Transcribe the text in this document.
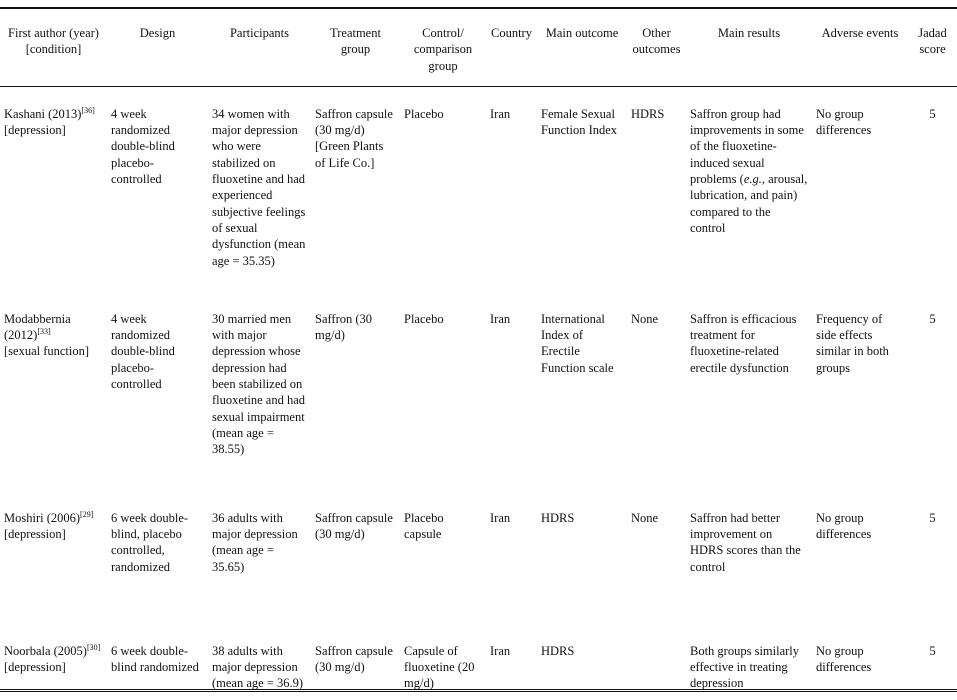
First author (year) [condition]	Design	Participants	Treatment group	Control/ comparison group	Country	Main outcome	Other outcomes	Main results	Adverse events	Jadad score
Kashani (2013)[36]
[depression]	4 week randomized double-blind placebo-controlled	34 women with major depression who were stabilized on fluoxetine and had experienced subjective feelings of sexual dysfunction (mean age = 35.35)	Saffron capsule (30 mg/d) [Green Plants of Life Co.]	Placebo	Iran	Female Sexual Function Index	HDRS	Saffron group had improvements in some of the fluoxetine-induced sexual problems (e.g., arousal, lubrication, and pain) compared to the control	No group differences	5
Modabbernia (2012)[33]
[sexual function]	4 week randomized double-blind placebo-controlled	30 married men with major depression whose depression had been stabilized on fluoxetine and had sexual impairment (mean age = 38.55)	Saffron (30 mg/d)	Placebo	Iran	International Index of Erectile Function scale	None	Saffron is efficacious treatment for fluoxetine-related erectile dysfunction	Frequency of side effects similar in both groups	5
Moshiri (2006)[29]
[depression]	6 week double-blind, placebo controlled, randomized	36 adults with major depression (mean age = 35.65)	Saffron capsule (30 mg/d)	Placebo capsule	Iran	HDRS	None	Saffron had better improvement on HDRS scores than the control	No group differences	5
Noorbala (2005)[30]
[depression]	6 week double-blind randomized	38 adults with major depression (mean age = 36.9)	Saffron capsule (30 mg/d)	Capsule of fluoxetine (20 mg/d)	Iran	HDRS		Both groups similarly effective in treating depression	No group differences	5
